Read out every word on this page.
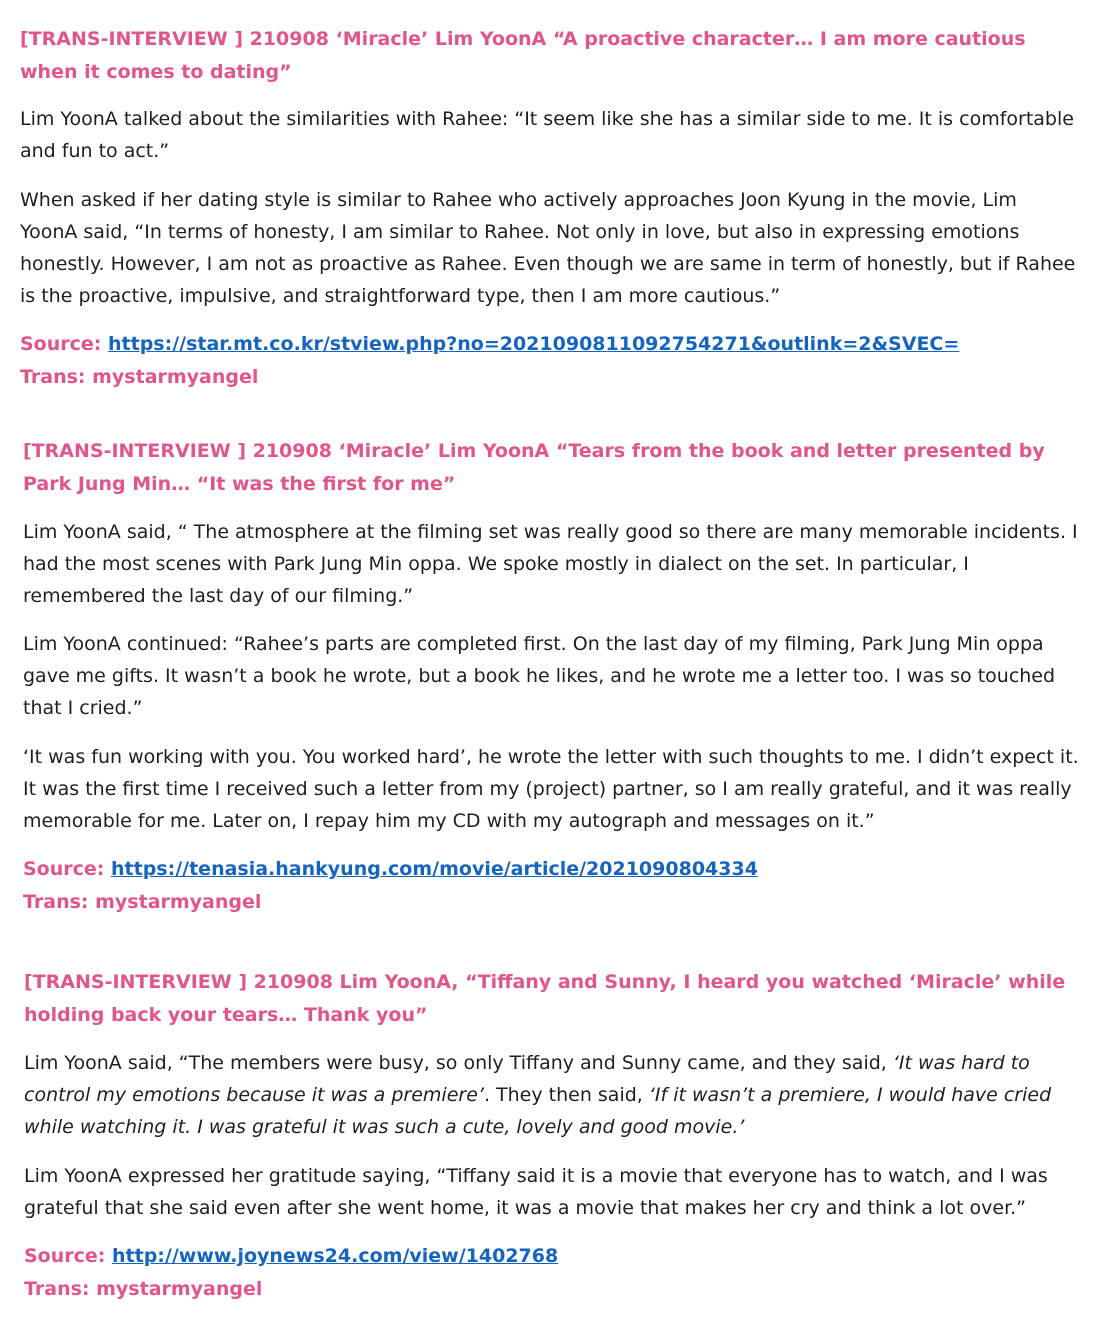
[TRANS-INTERVIEW ] 210908 ‘Miracle’ Lim YoonA “A proactive character… I am more cautious when it comes to dating”

Lim YoonA talked about the similarities with Rahee: “It seem like she has a similar side to me. It is comfortable and fun to act.”

When asked if her dating style is similar to Rahee who actively approaches Joon Kyung in the movie, Lim YoonA said, “In terms of honesty, I am similar to Rahee. Not only in love, but also in expressing emotions honestly. However, I am not as proactive as Rahee. Even though we are same in term of honestly, but if Rahee is the proactive, impulsive, and straightforward type, then I am more cautious.”

Source: https://star.mt.co.kr/stview.php?no=2021090811092754271&outlink=2&SVEC=

Trans: mystarmyangel

[TRANS-INTERVIEW ] 210908 ‘Miracle’ Lim YoonA “Tears from the book and letter presented by Park Jung Min… “It was the first for me”

Lim YoonA said, “ The atmosphere at the filming set was really good so there are many memorable incidents. I had the most scenes with Park Jung Min oppa. We spoke mostly in dialect on the set. In particular, I remembered the last day of our filming.”

Lim YoonA continued: “Rahee’s parts are completed first. On the last day of my filming, Park Jung Min oppa gave me gifts. It wasn’t a book he wrote, but a book he likes, and he wrote me a letter too. I was so touched that I cried.”

‘It was fun working with you. You worked hard’, he wrote the letter with such thoughts to me. I didn’t expect it. It was the first time I received such a letter from my (project) partner, so I am really grateful, and it was really memorable for me. Later on, I repay him my CD with my autograph and messages on it.”

Source: https://tenasia.hankyung.com/movie/article/2021090804334

Trans: mystarmyangel

[TRANS-INTERVIEW ] 210908 Lim YoonA, “Tiffany and Sunny, I heard you watched ‘Miracle’ while holding back your tears… Thank you”

Lim YoonA said, “The members were busy, so only Tiffany and Sunny came, and they said, ‘It was hard to control my emotions because it was a premiere’. They then said, ‘If it wasn’t a premiere, I would have cried while watching it. I was grateful it was such a cute, lovely and good movie.’

Lim YoonA expressed her gratitude saying, “Tiffany said it is a movie that everyone has to watch, and I was grateful that she said even after she went home, it was a movie that makes her cry and think a lot over.”

Source: http://www.joynews24.com/view/1402768

Trans: mystarmyangel
